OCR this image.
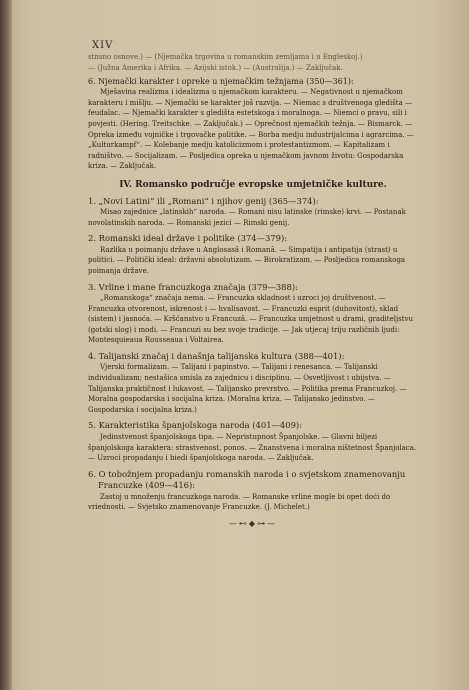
XIV

stnsno osnove.) — (Njemačka trgovina u romanskim zemljama i u Engleskoj.)

— (Južna Amerika i Afrika. — Azijski istok.) — (Australija.) — Zaključak.

6. Njemački karakter i opreke u njemačkim težnjama (350—361):

Mješavina realizma i idealizma u njemačkom karakteru. — Negativnost u njemačkom karakteru i mišlju. — Njemački se karakter još razvija. — Niemac s društvenoga gledišta — feudalac. — Njemački karakter s gledišta estetskoga i moralnoga. — Niemci o pravu, sili i povjesti. (Hering. Treitschke. — Zaključak.) — Oprečnost njemačkih težnja. — Bismarck. — Opreka između vojničke i trgovačke politike. — Borba medju industrijalcima i agrarcima. — „Kulturkampf“. — Kolebanje medju katolicizmom i protestantizmom. — Kapitalizam i radništvo. — Socijalizam. — Posljedica opreka u njemačkom javnom životu: Gospodarska kriza. — Zaključak.

IV. Romansko područje evropske umjetničke kulture.

1. „Novi Latini“ ili „Romani“ i njihov genij (365—374):

Misao zajednice „latinskih“ naroda. — Romani nisu latinske (rimske) krvi. — Postanak novolatinskih naroda. — Romanski jezici — Rimski genij.

2. Romanski ideal države i politike (374—379):

Razlika u poimanju države u Anglosasâ i Romanâ. — Simpatija i antipatija (strast) u politici. — Politički ideal: državni absolutizam. — Birokratizam. — Posljedica romanskoga poimanja države.

3. Vrline i mane francuzkoga značaja (379—388):

„Romanskoga“ značaja nema. — Francuzka skladnost i uzroci joj društvenost. — Francuzka otvorenost, iskrenost i — hvalisavost. — Francuzki esprit (duhovitost), sklad (sistem) i jasnoća. — Kršćanstvo u Francuzâ. — Francuzka umjetnost u drami, graditeljstvu (gotski slog) i modi. — Francuzi su bez svoje tradicije. — Jak utjecaj triju različnih ljudi: Montesquieaua Rousseaua i Voltairea.

4. Talijanski značaj i današnja talijanska kultura (388—401):

Vjerski formalizam. — Talijani i papinstvo. — Talijani i renesanca. — Talijanski individualizam; nestašica smisla za zajednicu i disciplinu. — Osvetljivost i ubijstva. — Talijanska praktičnost i lukavost. — Talijansko prevrstvo. — Politika prema Francuzkoj. — Moralna gospodarska i socijalna kriza. (Moralna kriza. — Talijansko jedinstvo. — Gospodarska i socijalna kriza.)

5. Karakteristika španjolskoga naroda (401—409):

Jedinstvenost španjolskoga tipa. — Nepristupnost Španjolske. — Glavni biljezi španjolskoga karaktera: strastvenost, ponos. — Znanstvena i moralna ništetnost Španjolaca. — Uzroci propadanju i biedi španjolskoga naroda. — Zaključak.

6. O tobožnjem propadanju romanskih naroda i o svjetskom znamenovanju Francuzke (409—416):

Zastoj u množenju francuzkoga naroda. — Romanske vrline mogle bi opet doći do vriednosti. — Svjetsko znamenovanje Francuzke. (J. Michelet.)

—⊷◆⊶—
